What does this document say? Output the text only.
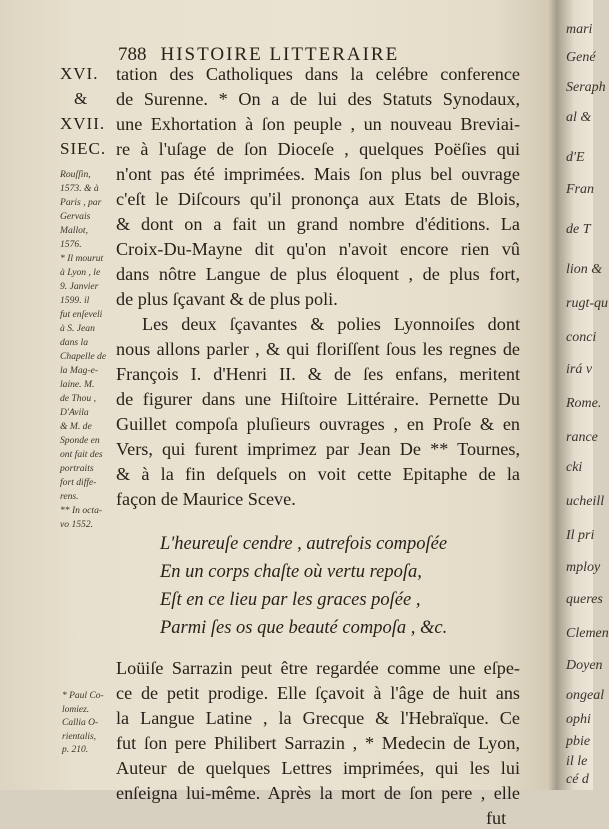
788 HISTOIRE LITTERAIRE
XVI.
&
XVII.
SIEC.
tation des Catholiques dans la celébre conference
de Surenne. * On a de lui des Statuts Synodaux,
une Exhortation à ſon peuple , un nouveau Breviai-
re à l'uſage de ſon Dioceſe , quelques Poëſies qui
n'ont pas été imprimées. Mais ſon plus bel ouvrage
c'eſt le Diſcours qu'il prononça aux Etats de Blois,
& dont on a fait un grand nombre d'éditions. La
Croix-Du-Mayne dit qu'on n'avoit encore rien vû
dans nôtre Langue de plus éloquent , de plus fort,
de plus ſçavant & de plus poli.
Les deux ſçavantes & polies Lyonnoiſes dont
nous allons parler , & qui floriſſent ſous les regnes de
François I. d'Henri II. & de ſes enfans, meritent
de figurer dans une Hiſtoire Littéraire. Pernette Du
Guillet compoſa pluſieurs ouvrages , en Proſe & en
Vers, qui furent imprimez par Jean De ** Tournes,
& à la fin deſquels on voit cette Epitaphe de la
façon de Maurice Sceve.
L'heureuſe cendre , autrefois compoſée
En un corps chaſte où vertu repoſa,
Eſt en ce lieu par les graces poſée ,
Parmi ſes os que beauté compoſa , &c.
Loüiſe Sarrazin peut être regardée comme une eſpe-
ce de petit prodige. Elle ſçavoit à l'âge de huit ans
la Langue Latine , la Grecque & l'Hebraïque. Ce
fut ſon pere Philibert Sarrazin , * Medecin de Lyon,
Auteur de quelques Lettres imprimées, qui les lui
enſeigna lui-même. Après la mort de ſon pere , elle
fut
Rouſſin,
1573. & à
Paris , par
Gervais
Mallot,
1576.
* Il mourut
à Lyon , le
9. Janvier
1599. il
fut enſeveli
à S. Jean
dans la
Chapelle de
la Mag-e-
laine. M.
de Thou ,
D'Avila
& M. de
Sponde en
ont fait des
portraits
fort diffe-
rens.
** In octa-
vo 1552.
* Paul Co-
lomiez.
Callia O-
rientalis,
p. 210.
mari
Gené
Seraph
al &
d'E
Fran
de T
lion &
rugt-qu
conci
irá v
Rome.
rance
cki
ucheill
Il pri
mploy
queres
Clemen
Doyen
ongeal
ophi
pbie
il le
cé d
